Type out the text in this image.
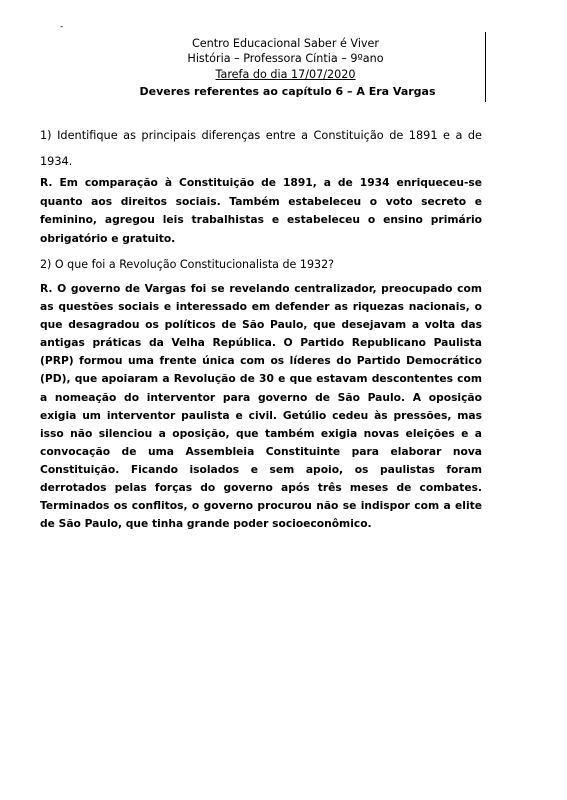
-
Centro Educacional Saber é Viver
História – Professora Cíntia – 9ºano
Tarefa do dia 17/07/2020
Deveres referentes ao capítulo 6 – A Era Vargas

1) Identifique as principais diferenças entre a Constituição de 1891 e a de 1934.

R. Em comparação à Constituição de 1891, a de 1934 enriqueceu-se quanto aos direitos sociais. Também estabeleceu o voto secreto e feminino, agregou leis trabalhistas e estabeleceu o ensino primário obrigatório e gratuito.

2) O que foi a Revolução Constitucionalista de 1932?

R. O governo de Vargas foi se revelando centralizador, preocupado com as questões sociais e interessado em defender as riquezas nacionais, o que desagradou os políticos de São Paulo, que desejavam a volta das antigas práticas da Velha República. O Partido Republicano Paulista (PRP) formou uma frente única com os líderes do Partido Democrático (PD), que apoiaram a Revolução de 30 e que estavam descontentes com a nomeação do interventor para governo de São Paulo. A oposição exigia um interventor paulista e civil. Getúlio cedeu às pressões, mas isso não silenciou a oposição, que também exigia novas eleições e a convocação de uma Assembleia Constituinte para elaborar nova Constituição. Ficando isolados e sem apoio, os paulistas foram derrotados pelas forças do governo após três meses de combates. Terminados os conflitos, o governo procurou não se indispor com a elite de São Paulo, que tinha grande poder socioeconômico.
